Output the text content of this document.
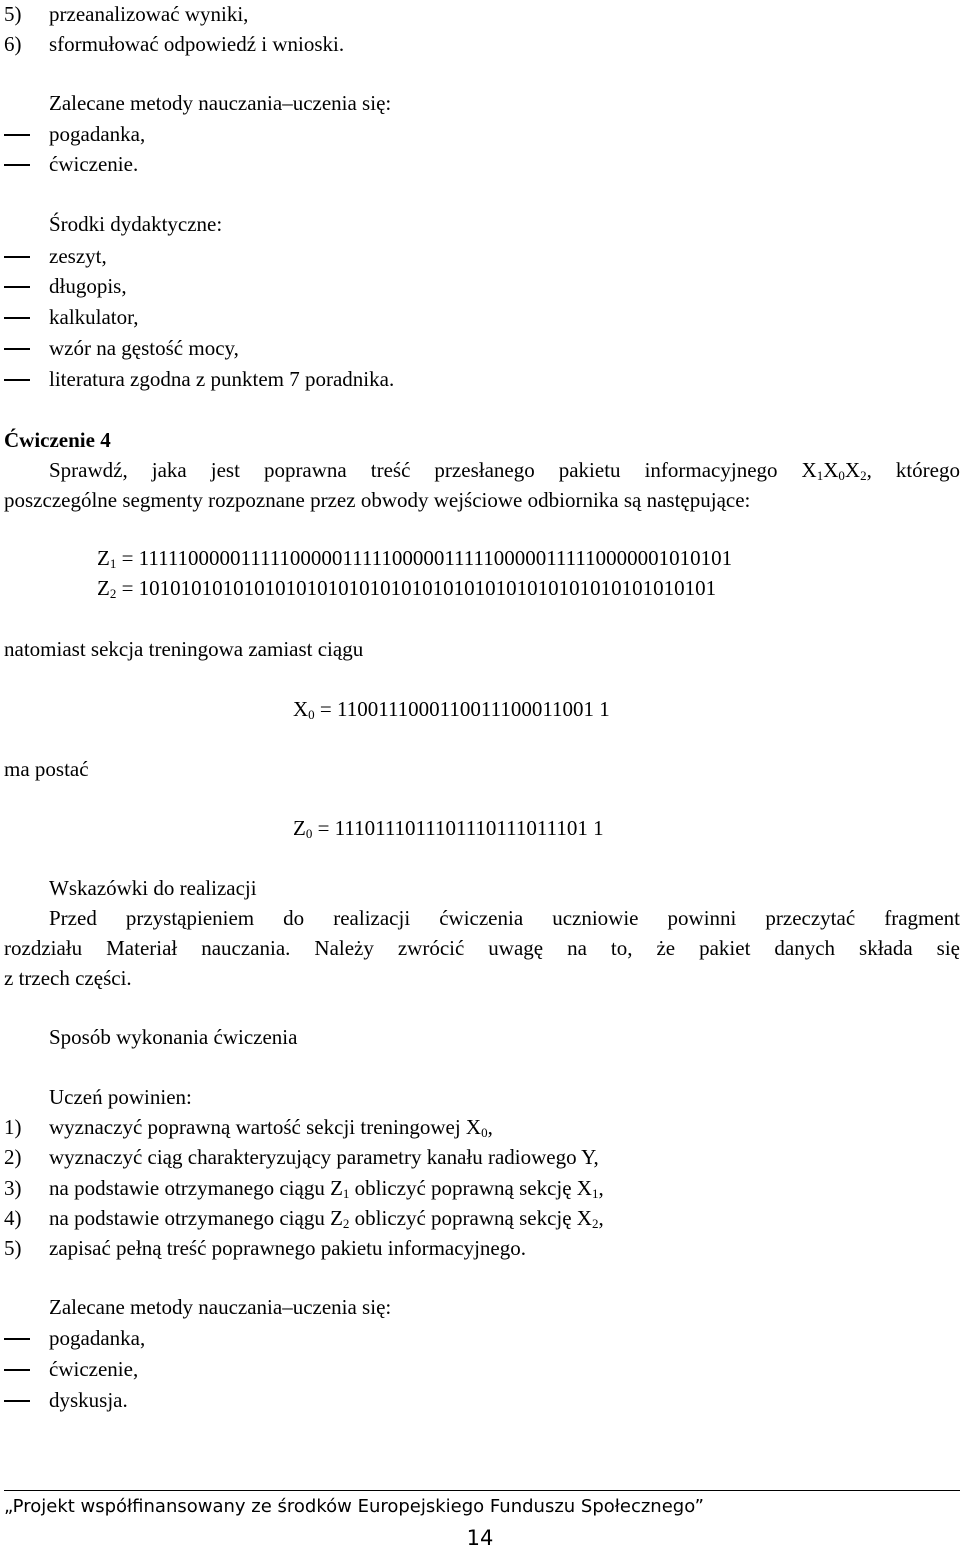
5) przeanalizować wyniki,
6) sformułować odpowiedź i wnioski.
Zalecane metody nauczania–uczenia się:
pogadanka,
ćwiczenie.
Środki dydaktyczne:
zeszyt,
długopis,
kalkulator,
wzór na gęstość mocy,
literatura zgodna z punktem 7 poradnika.
Ćwiczenie 4
Sprawdź, jaka jest poprawna treść przesłanego pakietu informacyjnego $X_1X_0X_2$, którego
poszczególne segmenty rozpoznane przez obwody wejściowe odbiornika są następujące:
$Z_1 = 1111100000111110000011111000001111100000111110000001010101$
$Z_2 = 1010101010101010101010101010101010101010101010101010101$
natomiast sekcja treningowa zamiast ciągu
$X_0 = 1100111000110011100011001$ 1
ma postać
$Z_0 = 1110111011101110111011101$ 1
Wskazówki do realizacji
Przed przystąpieniem do realizacji ćwiczenia uczniowie powinni przeczytać fragment
rozdziału Materiał nauczania. Należy zwrócić uwagę na to, że pakiet danych składa się
z trzech części.
Sposób wykonania ćwiczenia
Uczeń powinien:
1) wyznaczyć poprawną wartość sekcji treningowej $X_0$,
2) wyznaczyć ciąg charakteryzujący parametry kanału radiowego Y,
3) na podstawie otrzymanego ciągu $Z_1$ obliczyć poprawną sekcję $X_1$,
4) na podstawie otrzymanego ciągu $Z_2$ obliczyć poprawną sekcję $X_2$,
5) zapisać pełną treść poprawnego pakietu informacyjnego.
Zalecane metody nauczania–uczenia się:
pogadanka,
ćwiczenie,
dyskusja.
„Projekt współfinansowany ze środków Europejskiego Funduszu Społecznego”
14
